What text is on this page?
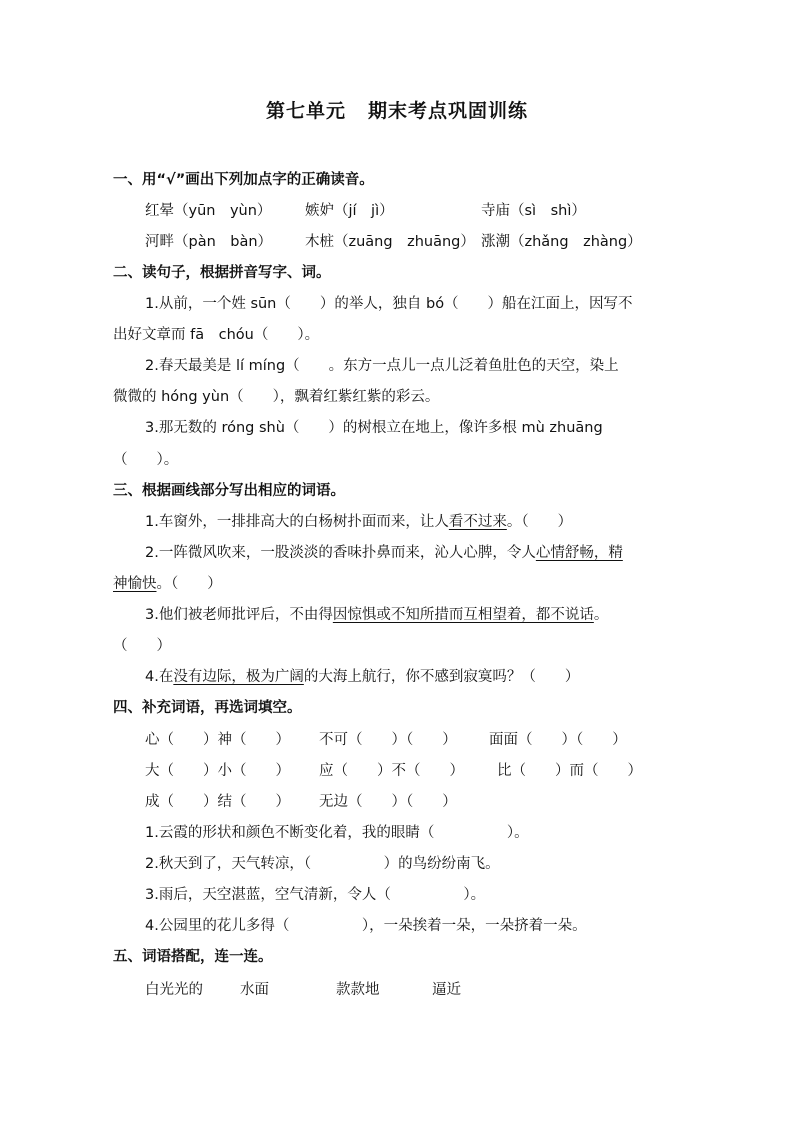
第七单元 期末考点巩固训练
一、用“√”画出下列加点字的正确读音。
红晕（yūn　yùn） 嫉妒（jí　jì）	寺庙（sì　shì）
河畔（pàn　bàn） 木桩（zuāng　zhuāng） 涨潮（zhǎng　zhàng）
二、读句子，根据拼音写字、词。
1.从前，一个姓 sūn（　　）的举人，独自 bó（　　）船在江面上，因写不
出好文章而 fā　chóu（　　）。
2.春天最美是 lí míng（　　。东方一点儿一点儿泛着鱼肚色的天空，染上
微微的 hóng yùn（　　），飘着红紫红紫的彩云。
3.那无数的 róng shù（　　）的树根立在地上，像许多根 mù zhuāng
（　　）。
三、根据画线部分写出相应的词语。
1.车窗外，一排排高大的白杨树扑面而来，让人看不过来。（　　）
2.一阵微风吹来，一股淡淡的香味扑鼻而来，沁人心脾，令人心情舒畅，精
神愉快。（　　）
3.他们被老师批评后，不由得因惊惧或不知所措而互相望着，都不说话。
（　　）
4.在没有边际，极为广阔的大海上航行，你不感到寂寞吗？（　　）
四、补充词语，再选词填空。
心（　　）神（　　） 不可（　　）（　　） 面面（　　）（　　）
大（　　）小（　　） 应（　　）不（　　） 比（　　）而（　　）
成（　　）结（　　） 无边（　　）（　　）
1.云霞的形状和颜色不断变化着，我的眼睛（　　　　　）。
2.秋天到了，天气转凉，（　　　　　）的鸟纷纷南飞。
3.雨后，天空湛蓝，空气清新，令人（　　　　　）。
4.公园里的花儿多得（　　　　　），一朵挨着一朵，一朵挤着一朵。
五、词语搭配，连一连。
白光光的	水面	款款地	逼近
